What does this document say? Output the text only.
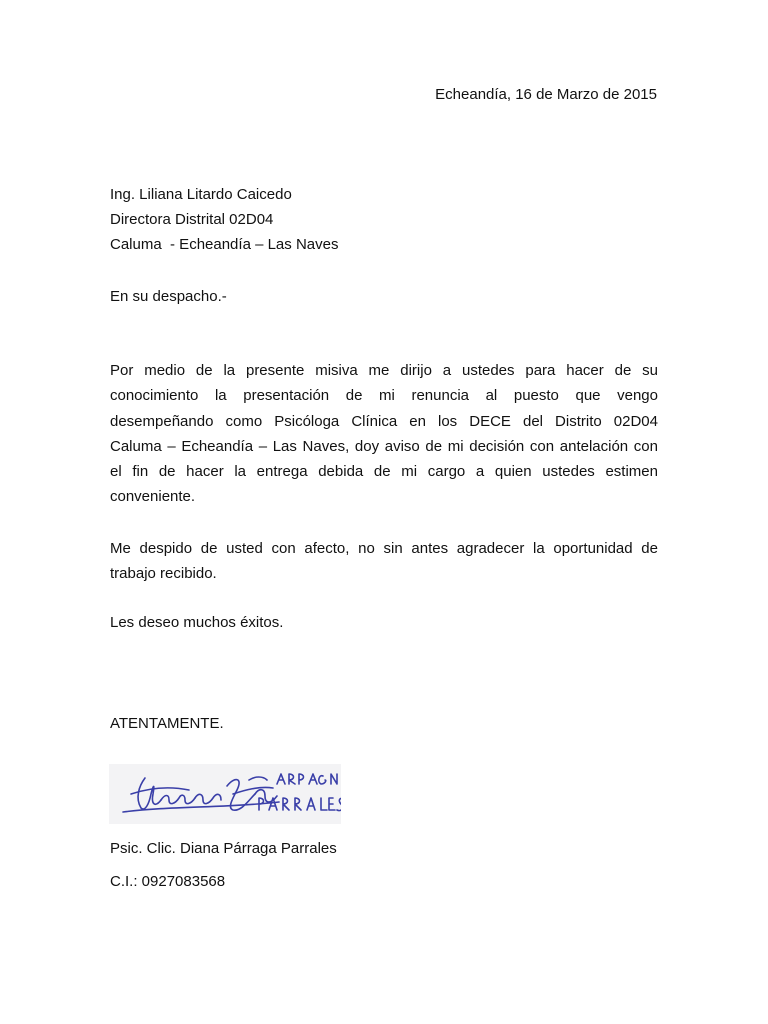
Echeandía, 16 de Marzo de 2015
Ing. Liliana Litardo Caicedo
Directora Distrital 02D04
Caluma  - Echeandía – Las Naves
En su despacho.-
Por medio de la presente misiva me dirijo a ustedes para hacer de su
conocimiento la presentación de mi renuncia al puesto que vengo
desempeñando como Psicóloga Clínica en los DECE del Distrito 02D04
Caluma – Echeandía – Las Naves, doy aviso de mi decisión con antelación con
el fin de hacer la entrega debida de mi cargo a quien ustedes estimen
conveniente.
Me despido de usted con afecto, no sin antes agradecer la oportunidad de
trabajo recibido.
Les deseo muchos éxitos.
ATENTAMENTE.
Psic. Clic. Diana Párraga Parrales
C.I.: 0927083568
